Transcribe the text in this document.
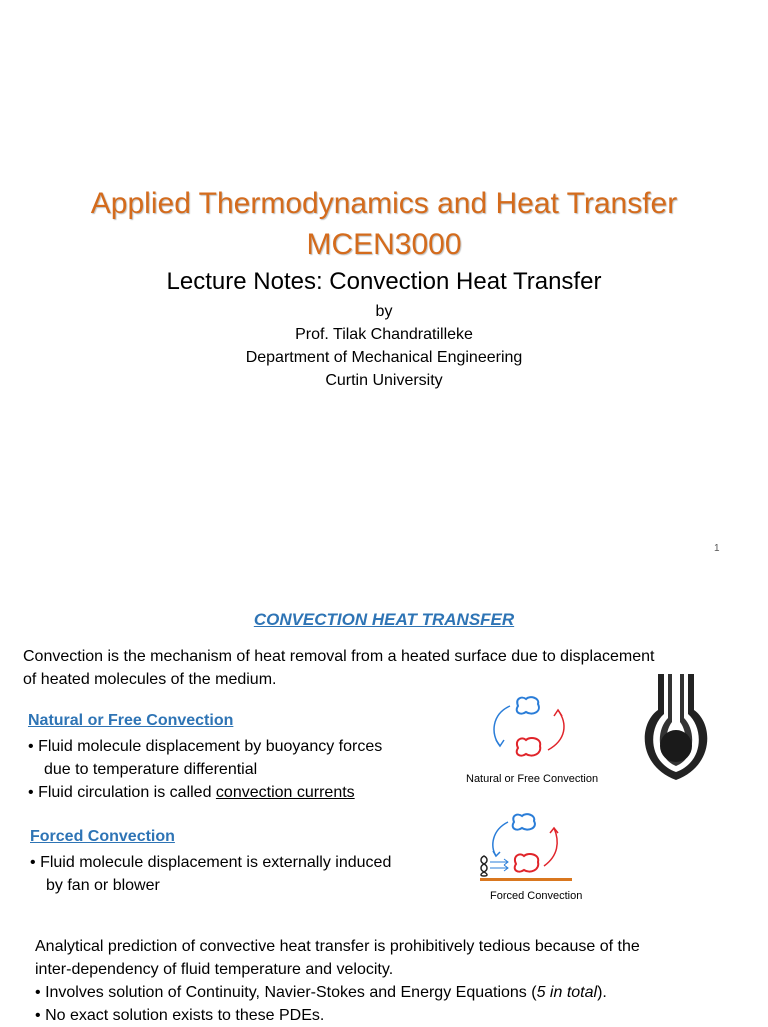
Applied Thermodynamics and Heat Transfer
MCEN3000
Lecture Notes: Convection Heat Transfer
by
Prof. Tilak Chandratilleke
Department of Mechanical Engineering
Curtin University
1
CONVECTION HEAT TRANSFER
Convection is the mechanism of heat removal from a heated surface due to displacement
of heated molecules of the medium.
Natural or Free Convection
• Fluid molecule displacement by buoyancy forces
due to temperature differential
• Fluid circulation is called convection currents
Forced Convection
• Fluid molecule displacement is externally induced
by fan or blower
Natural or Free Convection
Forced Convection
Analytical prediction of convective heat transfer is prohibitively tedious because of the
inter-dependency of fluid temperature and velocity.
• Involves solution of Continuity, Navier-Stokes and Energy Equations (5 in total).
• No exact solution exists to these PDEs.
